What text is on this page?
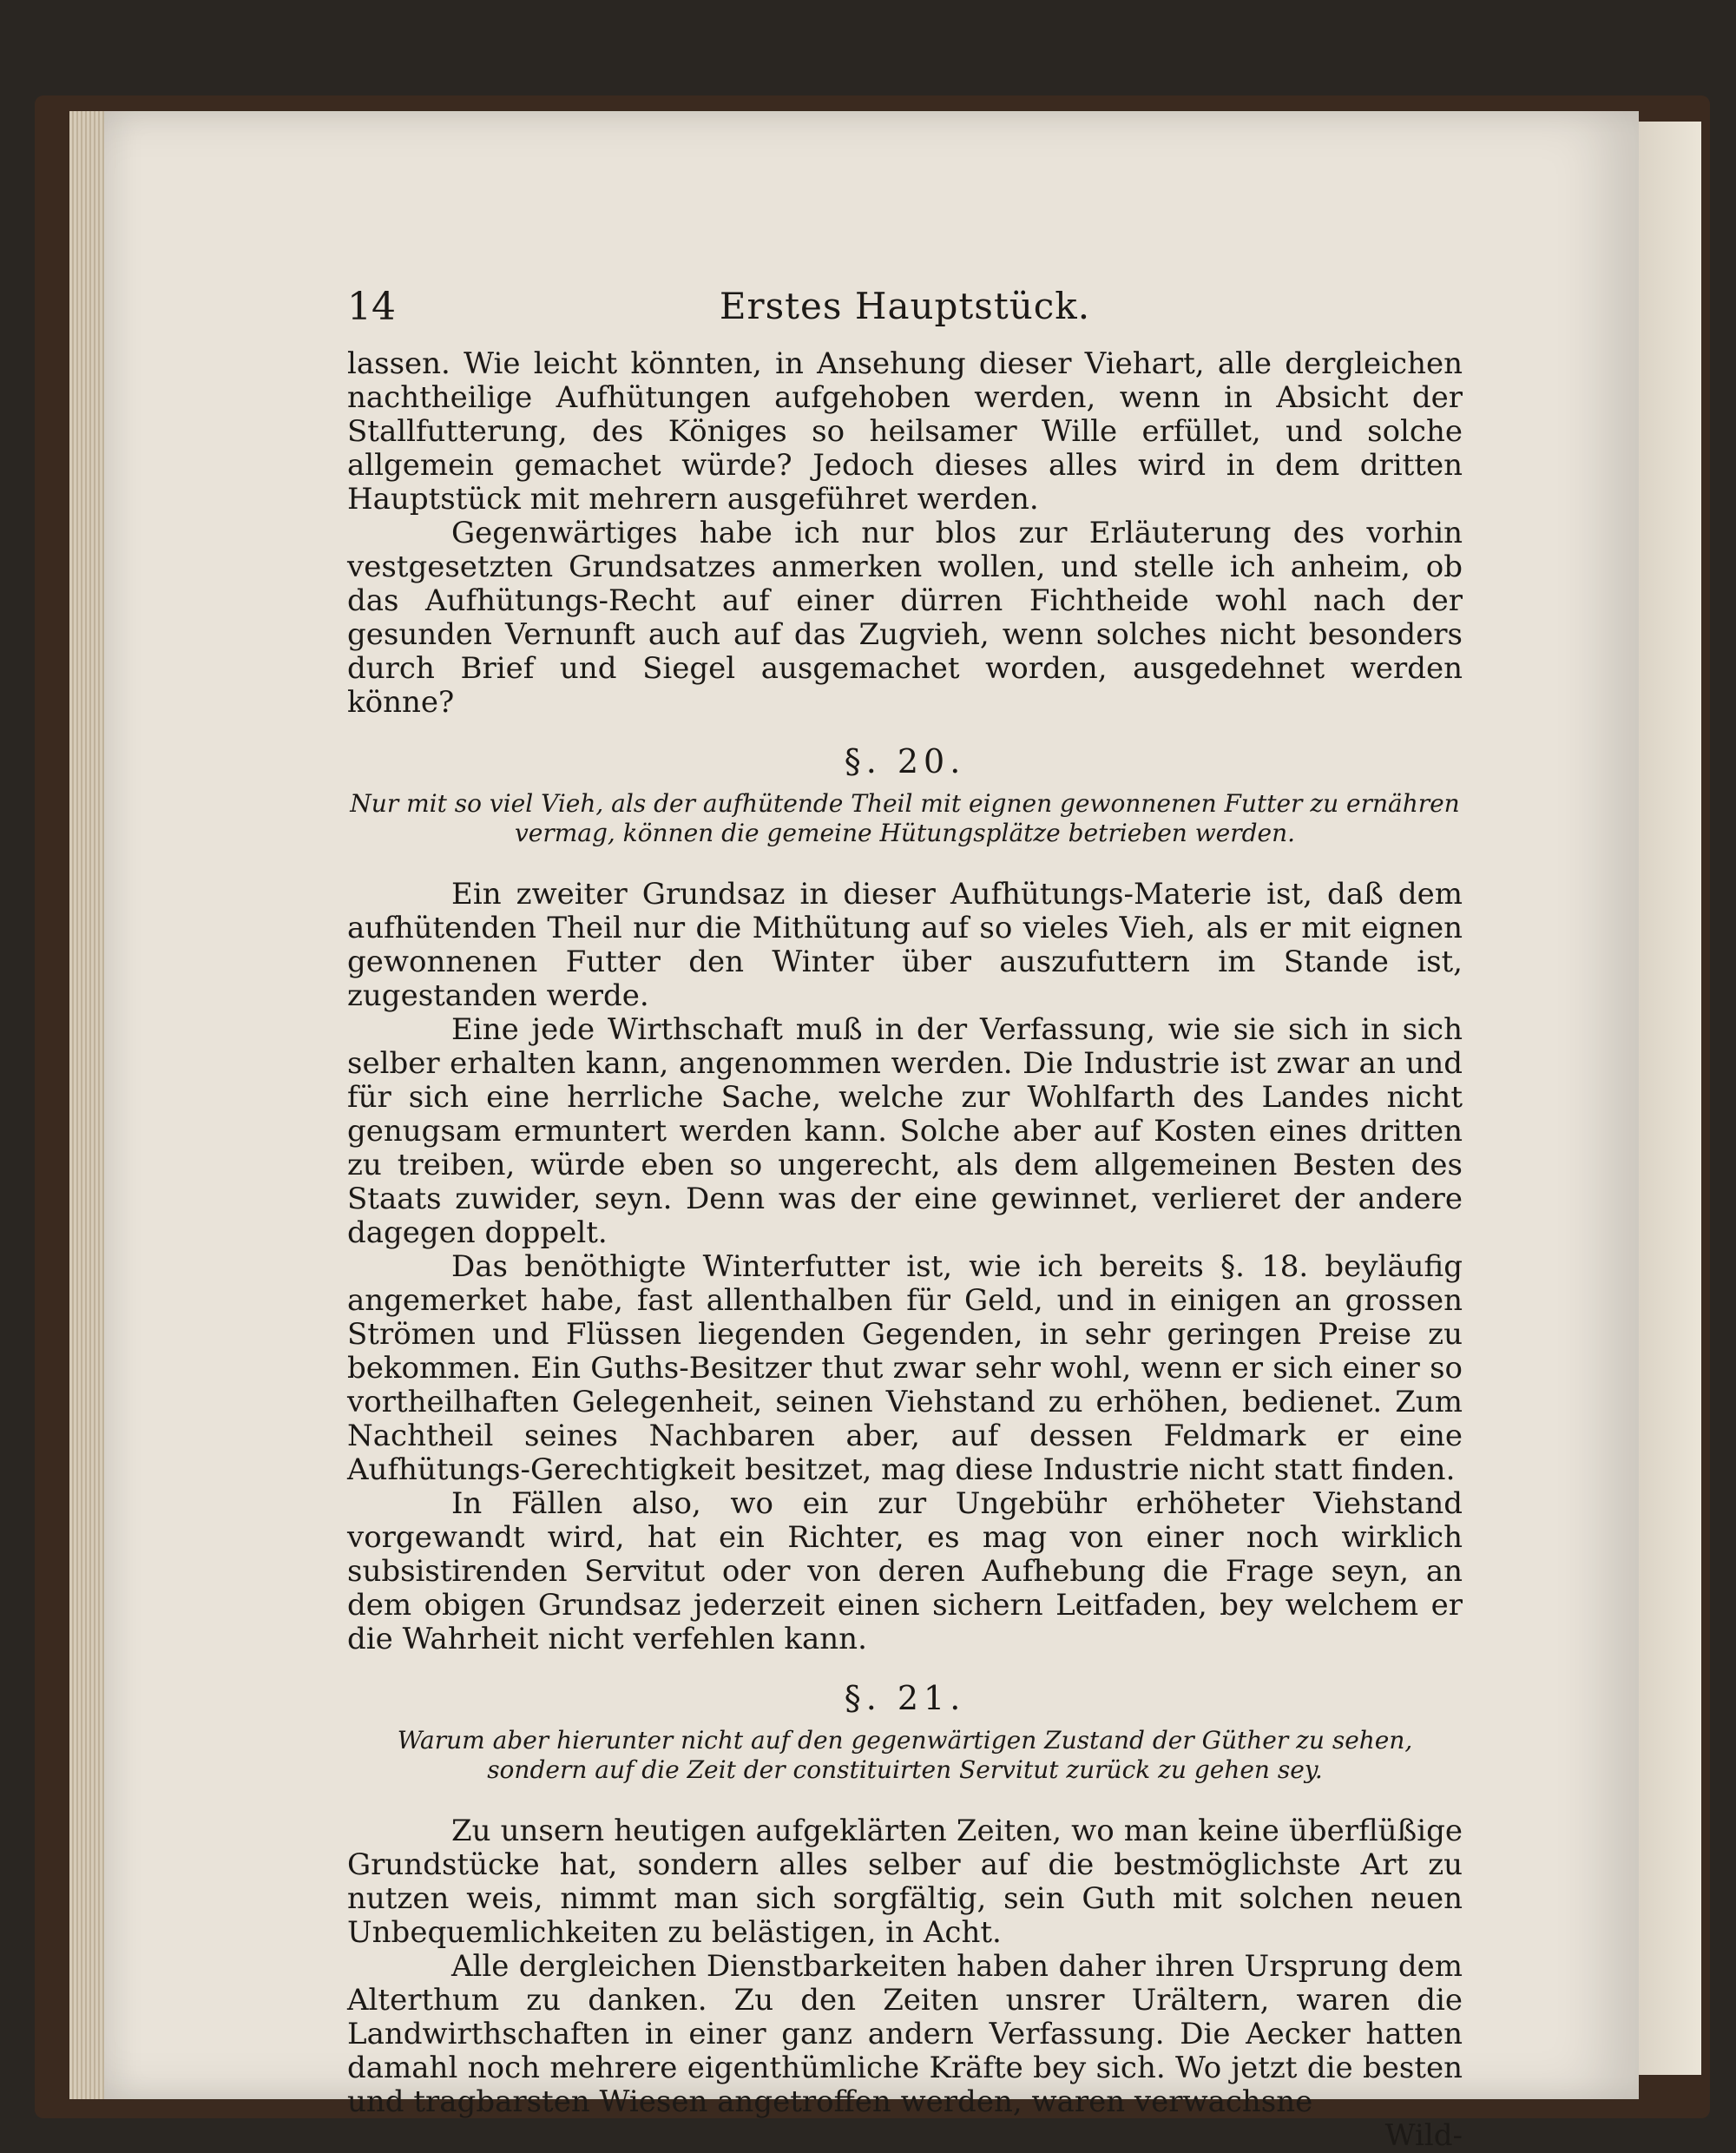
14	Erstes Hauptstück.

lassen. Wie leicht könnten, in Ansehung dieser Viehart, alle dergleichen nachtheilige Aufhütungen aufgehoben werden, wenn in Absicht der Stallfutterung, des Königes so heilsamer Wille erfüllet, und solche allgemein gemachet würde? Jedoch dieses alles wird in dem dritten Hauptstück mit mehrern ausgeführet werden.

Gegenwärtiges habe ich nur blos zur Erläuterung des vorhin vestgesetzten Grundsatzes anmerken wollen, und stelle ich anheim, ob das Aufhütungs-Recht auf einer dürren Fichtheide wohl nach der gesunden Vernunft auch auf das Zugvieh, wenn solches nicht besonders durch Brief und Siegel ausgemachet worden, ausgedehnet werden könne?

§. 20.

Nur mit so viel Vieh, als der aufhütende Theil mit eignen gewonnenen Futter zu ernähren vermag, können die gemeine Hütungsplätze betrieben werden.

Ein zweiter Grundsaz in dieser Aufhütungs-Materie ist, daß dem aufhütenden Theil nur die Mithütung auf so vieles Vieh, als er mit eignen gewonnenen Futter den Winter über auszufuttern im Stande ist, zugestanden werde.

Eine jede Wirthschaft muß in der Verfassung, wie sie sich in sich selber erhalten kann, angenommen werden. Die Industrie ist zwar an und für sich eine herrliche Sache, welche zur Wohlfarth des Landes nicht genugsam ermuntert werden kann. Solche aber auf Kosten eines dritten zu treiben, würde eben so ungerecht, als dem allgemeinen Besten des Staats zuwider, seyn. Denn was der eine gewinnet, verlieret der andere dagegen doppelt.

Das benöthigte Winterfutter ist, wie ich bereits §. 18. beyläufig angemerket habe, fast allenthalben für Geld, und in einigen an grossen Strömen und Flüssen liegenden Gegenden, in sehr geringen Preise zu bekommen. Ein Guths-Besitzer thut zwar sehr wohl, wenn er sich einer so vortheilhaften Gelegenheit, seinen Viehstand zu erhöhen, bedienet. Zum Nachtheil seines Nachbaren aber, auf dessen Feldmark er eine Aufhütungs-Gerechtigkeit besitzet, mag diese Industrie nicht statt finden.

In Fällen also, wo ein zur Ungebühr erhöheter Viehstand vorgewandt wird, hat ein Richter, es mag von einer noch wirklich subsistirenden Servitut oder von deren Aufhebung die Frage seyn, an dem obigen Grundsaz jederzeit einen sichern Leitfaden, bey welchem er die Wahrheit nicht verfehlen kann.

§. 21.

Warum aber hierunter nicht auf den gegenwärtigen Zustand der Güther zu sehen, sondern auf die Zeit der constituirten Servitut zurück zu gehen sey.

Zu unsern heutigen aufgeklärten Zeiten, wo man keine überflüßige Grundstücke hat, sondern alles selber auf die bestmöglichste Art zu nutzen weis, nimmt man sich sorgfältig, sein Guth mit solchen neuen Unbequemlichkeiten zu belästigen, in Acht.

Alle dergleichen Dienstbarkeiten haben daher ihren Ursprung dem Alterthum zu danken. Zu den Zeiten unsrer Urältern, waren die Landwirthschaften in einer ganz andern Verfassung. Die Aecker hatten damahl noch mehrere eigenthümliche Kräfte bey sich. Wo jetzt die besten und tragbarsten Wiesen angetroffen werden, waren verwachsne

Wild-
